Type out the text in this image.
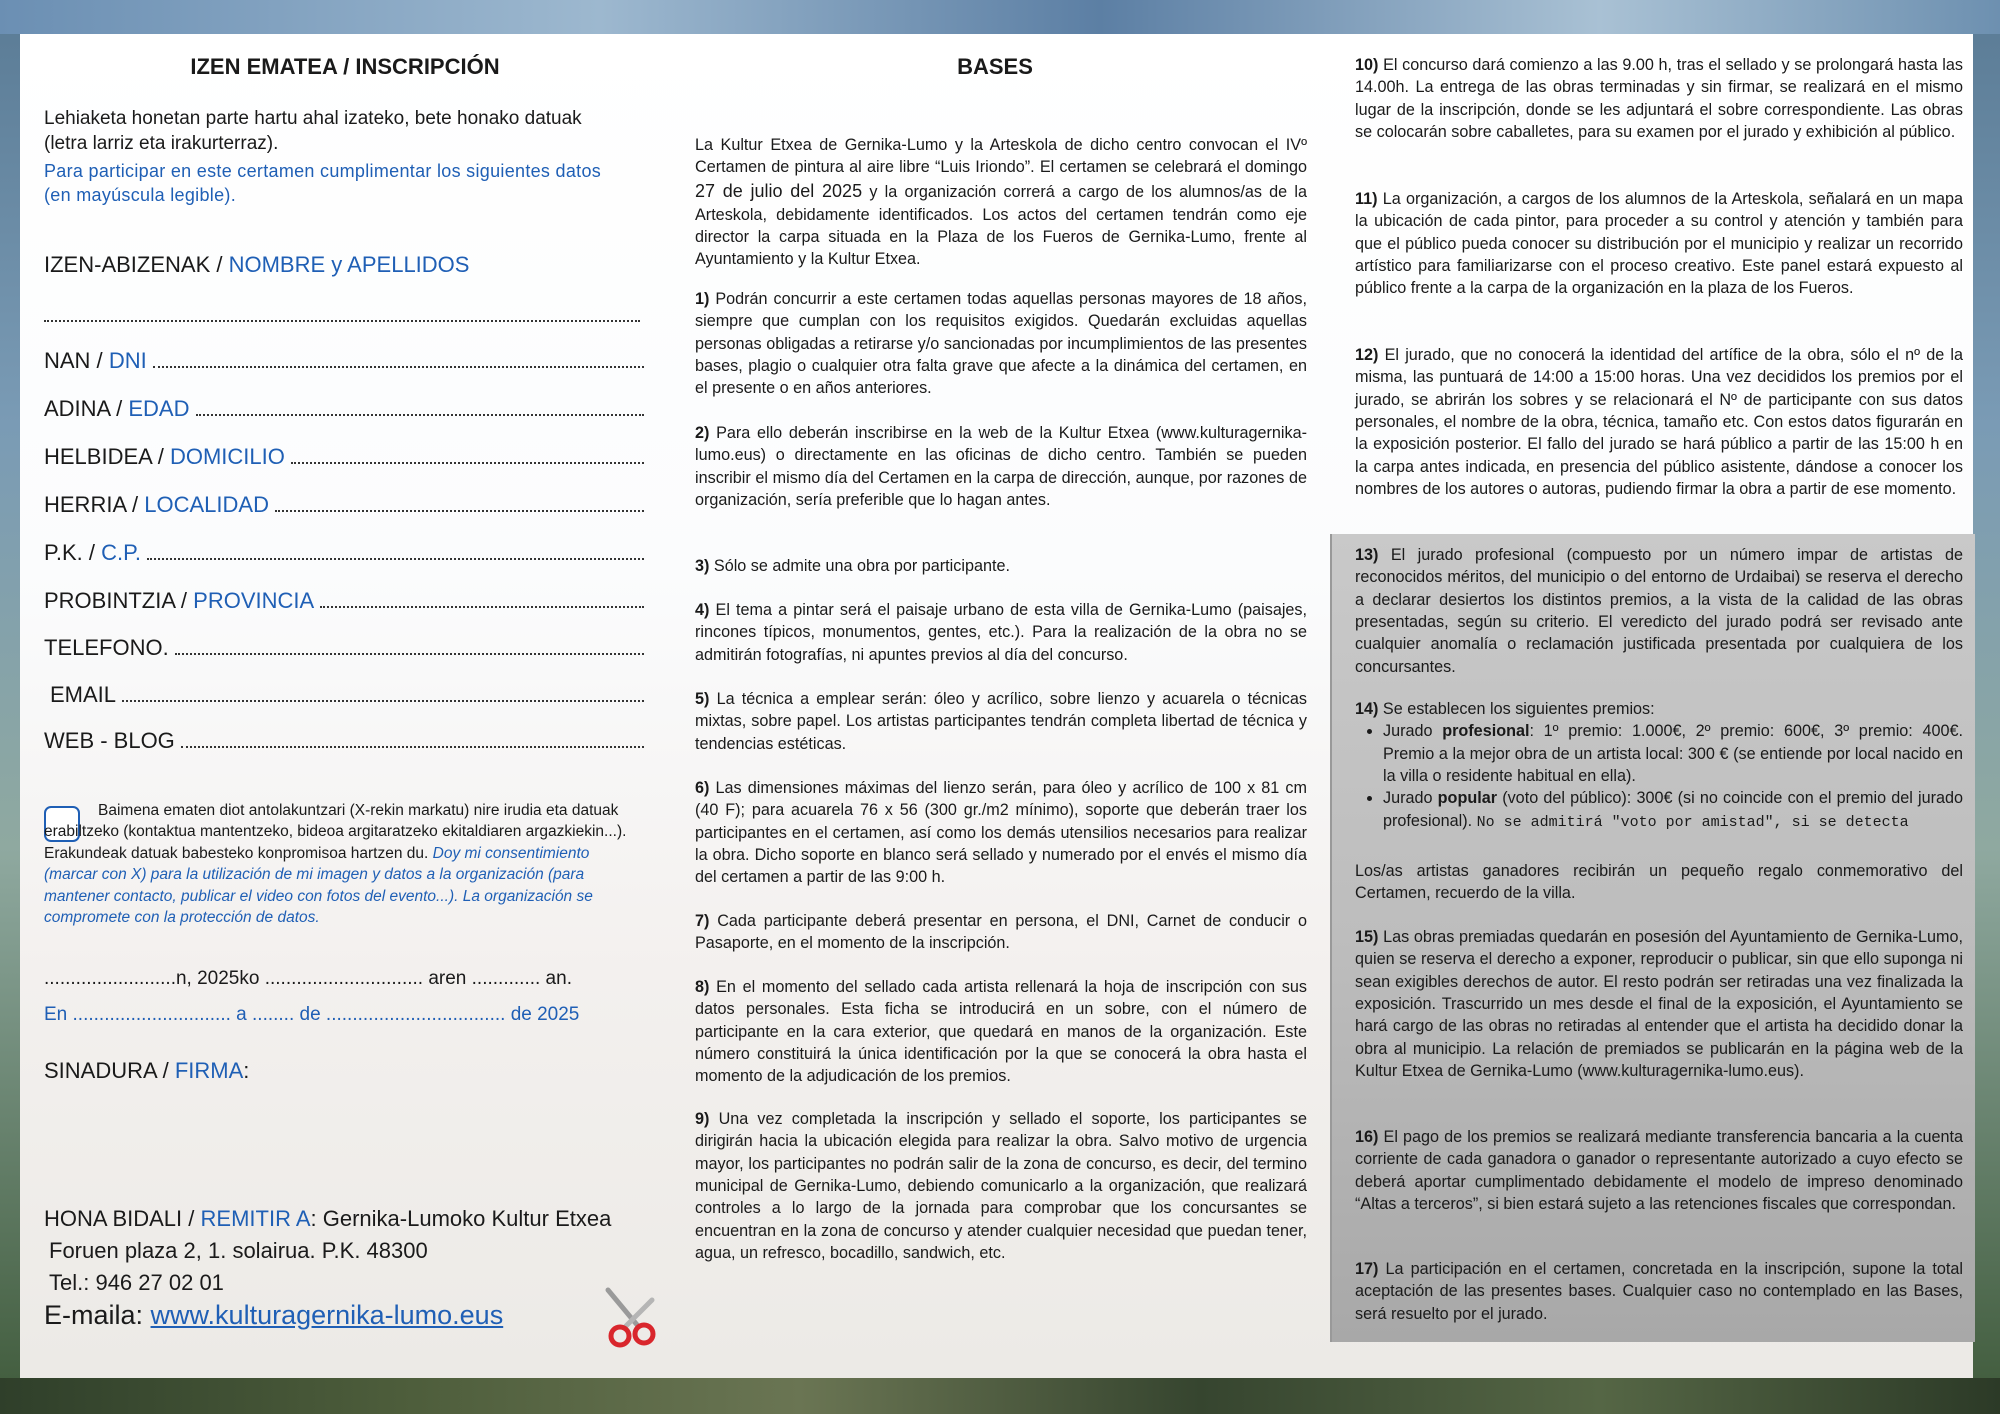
IZEN EMATEA / INSCRIPCIÓN

Lehiaketa honetan parte hartu ahal izateko, bete honako datuak (letra larriz eta irakurterraz).

Para participar en este certamen cumplimentar los siguientes datos (en mayúscula legible).

IZEN-ABIZENAK /
NOMBRE y APELLIDOS
NAN /
DNI
ADINA /
EDAD
HELBIDEA /
DOMICILIO
HERRIA /
LOCALIDAD
P.K. /
C.P.
PROBINTZIA /
PROVINCIA
TELEFONO.
EMAIL
WEB - BLOG

Baimena ematen diot antolakuntzari (X-rekin markatu) nire irudia eta datuak erabiltzeko (kontaktua mantentzeko, bideoa argitaratzeko ekitaldiaren argazkiekin...). Erakundeak datuak babesteko konpromisoa hartzen du. Doy mi consentimiento (marcar con X) para la utilización de mi imagen y datos a la organización (para mantener contacto, publicar el video con fotos del evento...). La organización se compromete con la protección de datos.

.........................n, 2025ko .............................. aren ............. an.
En .............................. a ........ de .................................. de 2025

SINADURA / FIRMA:

HONA BIDALI / REMITIR A: Gernika-Lumoko Kultur Etxea

Foruen plaza 2, 1. solairua. P.K. 48300

Tel.: 946 27 02 01

E-maila: www.kulturagernika-lumo.eus

BASES

La Kultur Etxea de Gernika-Lumo y la Arteskola de dicho centro convocan el IVº Certamen de pintura al aire libre “Luis Iriondo”. El certamen se celebrará el domingo 27 de julio del 2025 y la organización correrá a cargo de los alumnos/as de la Arteskola, debidamente identificados. Los actos del certamen tendrán como eje director la carpa situada en la Plaza de los Fueros de Gernika-Lumo, frente al Ayuntamiento y la Kultur Etxea.

1) Podrán concurrir a este certamen todas aquellas personas mayores de 18 años, siempre que cumplan con los requisitos exigidos. Quedarán excluidas aquellas personas obligadas a retirarse y/o sancionadas por incumplimientos de las presentes bases, plagio o cualquier otra falta grave que afecte a la dinámica del certamen, en el presente o en años anteriores.

2) Para ello deberán inscribirse en la web de la Kultur Etxea (www.kulturagernika-lumo.eus) o directamente en las oficinas de dicho centro. También se pueden inscribir el mismo día del Certamen en la carpa de dirección, aunque, por razones de organización, sería preferible que lo hagan antes.

3) Sólo se admite una obra por participante.

4) El tema a pintar será el paisaje urbano de esta villa de Gernika-Lumo (paisajes, rincones típicos, monumentos, gentes, etc.). Para la realización de la obra no se admitirán fotografías, ni apuntes previos al día del concurso.

5) La técnica a emplear serán: óleo y acrílico, sobre lienzo y acuarela o técnicas mixtas, sobre papel. Los artistas participantes tendrán completa libertad de técnica y tendencias estéticas.

6) Las dimensiones máximas del lienzo serán, para óleo y acrílico de 100 x 81 cm (40 F); para acuarela 76 x 56 (300 gr./m2 mínimo), soporte que deberán traer los participantes en el certamen, así como los demás utensilios necesarios para realizar la obra. Dicho soporte en blanco será sellado y numerado por el envés el mismo día del certamen a partir de las 9:00 h.

7) Cada participante deberá presentar en persona, el DNI, Carnet de conducir o Pasaporte, en el momento de la inscripción.

8) En el momento del sellado cada artista rellenará la hoja de inscripción con sus datos personales. Esta ficha se introducirá en un sobre, con el número de participante en la cara exterior, que quedará en manos de la organización. Este número constituirá la única identificación por la que se conocerá la obra hasta el momento de la adjudicación de los premios.

9) Una vez completada la inscripción y sellado el soporte, los participantes se dirigirán hacia la ubicación elegida para realizar la obra. Salvo motivo de urgencia mayor, los participantes no podrán salir de la zona de concurso, es decir, del termino municipal de Gernika-Lumo, debiendo comunicarlo a la organización, que realizará controles a lo largo de la jornada para comprobar que los concursantes se encuentran en la zona de concurso y atender cualquier necesidad que puedan tener, agua, un refresco, bocadillo, sandwich, etc.

10) El concurso dará comienzo a las 9.00 h, tras el sellado y se prolongará hasta las 14.00h. La entrega de las obras terminadas y sin firmar, se realizará en el mismo lugar de la inscripción, donde se les adjuntará el sobre correspondiente. Las obras se colocarán sobre caballetes, para su examen por el jurado y exhibición al público.

11) La organización, a cargos de los alumnos de la Arteskola, señalará en un mapa la ubicación de cada pintor, para proceder a su control y atención y también para que el público pueda conocer su distribución por el municipio y realizar un recorrido artístico para familiarizarse con el proceso creativo. Este panel estará expuesto al público frente a la carpa de la organización en la plaza de los Fueros.

12) El jurado, que no conocerá la identidad del artífice de la obra, sólo el nº de la misma, las puntuará de 14:00 a 15:00 horas. Una vez decididos los premios por el jurado, se abrirán los sobres y se relacionará el Nº de participante con sus datos personales, el nombre de la obra, técnica, tamaño etc. Con estos datos figurarán en la exposición posterior. El fallo del jurado se hará público a partir de las 15:00 h en la carpa antes indicada, en presencia del público asistente, dándose a conocer los nombres de los autores o autoras, pudiendo firmar la obra a partir de ese momento.

13) El jurado profesional (compuesto por un número impar de artistas de reconocidos méritos, del municipio o del entorno de Urdaibai) se reserva el derecho a declarar desiertos los distintos premios, a la vista de la calidad de las obras presentadas, según su criterio. El veredicto del jurado podrá ser revisado ante cualquier anomalía o reclamación justificada presentada por cualquiera de los concursantes.

14) Se establecen los siguientes premios:
• Jurado profesional: 1º premio: 1.000€, 2º premio: 600€, 3º premio: 400€. Premio a la mejor obra de un artista local: 300 € (se entiende por local nacido en la villa o residente habitual en ella).
• Jurado popular (voto del público): 300€ (si no coincide con el premio del jurado profesional). No se admitirá "voto por amistad", si se detecta

Los/as artistas ganadores recibirán un pequeño regalo conmemorativo del Certamen, recuerdo de la villa.

15) Las obras premiadas quedarán en posesión del Ayuntamiento de Gernika-Lumo, quien se reserva el derecho a exponer, reproducir o publicar, sin que ello suponga ni sean exigibles derechos de autor. El resto podrán ser retiradas una vez finalizada la exposición. Trascurrido un mes desde el final de la exposición, el Ayuntamiento se hará cargo de las obras no retiradas al entender que el artista ha decidido donar la obra al municipio. La relación de premiados se publicarán en la página web de la Kultur Etxea de Gernika-Lumo (www.kulturagernika-lumo.eus).

16) El pago de los premios se realizará mediante transferencia bancaria a la cuenta corriente de cada ganadora o ganador o representante autorizado a cuyo efecto se deberá aportar cumplimentado debidamente el modelo de impreso denominado “Altas a terceros”, si bien estará sujeto a las retenciones fiscales que correspondan.

17) La participación en el certamen, concretada en la inscripción, supone la total aceptación de las presentes bases. Cualquier caso no contemplado en las Bases, será resuelto por el jurado.
